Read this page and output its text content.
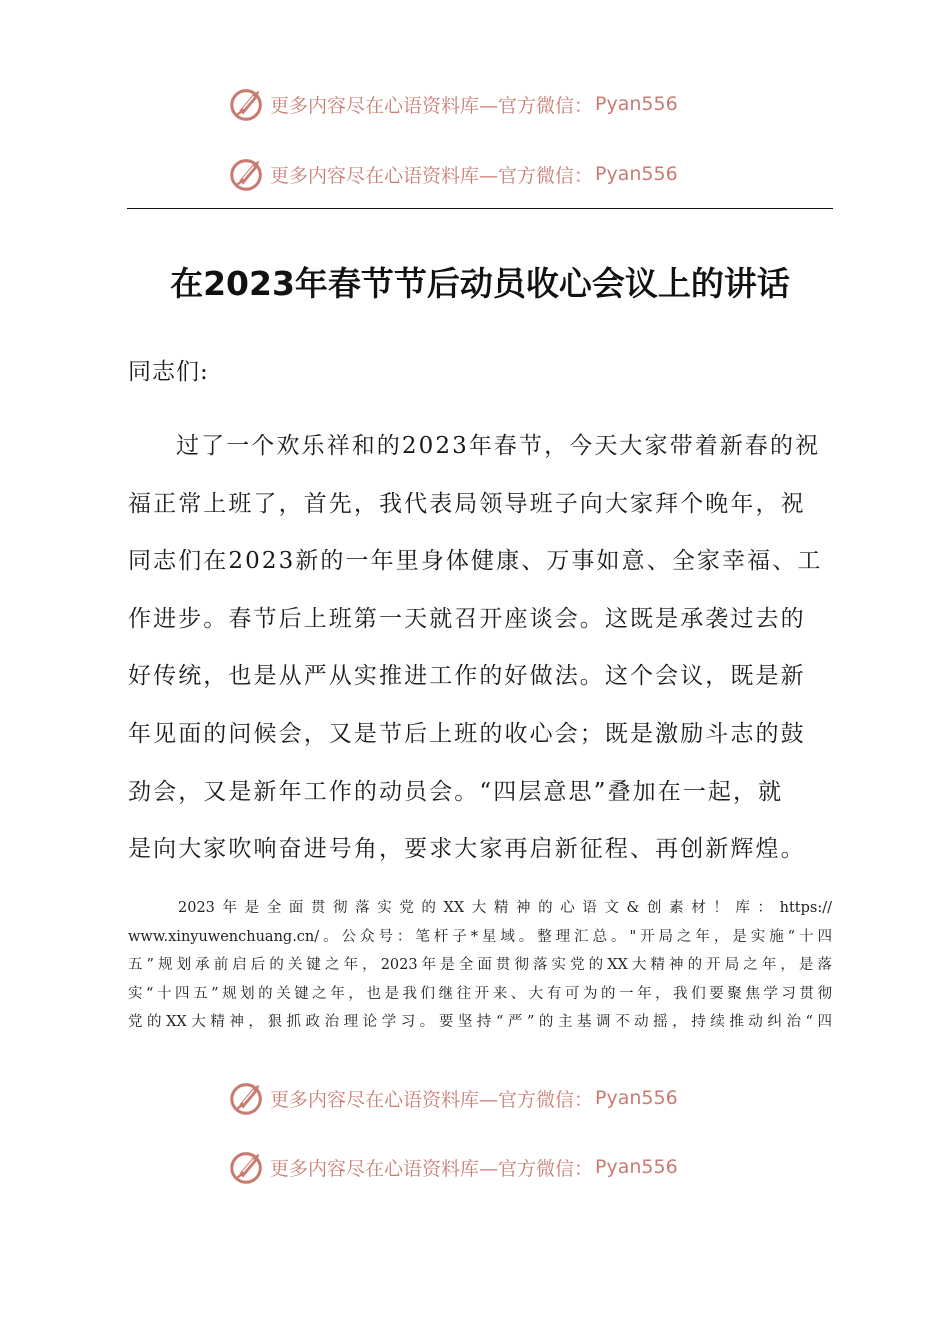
更多内容尽在心语资料库—官方微信： Pyan556
更多内容尽在心语资料库—官方微信： Pyan556
在2023年春节节后动员收心会议上的讲话
同志们:
过了一个欢乐祥和的2023年春节，今天大家带着新春的祝
福正常上班了，首先，我代表局领导班子向大家拜个晚年，祝
同志们在2023新的一年里身体健康、万事如意、全家幸福、工
作进步。春节后上班第一天就召开座谈会。这既是承袭过去的
好传统，也是从严从实推进工作的好做法。这个会议，既是新
年见面的问候会，又是节后上班的收心会；既是激励斗志的鼓
劲会，又是新年工作的动员会。“四层意思”叠加在一起，就
是向大家吹响奋进号角，要求大家再启新征程、再创新辉煌。
2023年是全面贯彻落实党的XX大精神的心语文&创素材！库：https://
www.xinyuwenchuang.cn/。公众号：笔杆子*星域。整理汇总。"开局之年，是实施“十四
五”规划承前启后的关键之年，2023年是全面贯彻落实党的XX大精神的开局之年，是落
实“十四五”规划的关键之年，也是我们继往开来、大有可为的一年，我们要聚焦学习贯彻
党的XX大精神，狠抓政治理论学习。要坚持“严”的主基调不动摇，持续推动纠治“四
更多内容尽在心语资料库—官方微信： Pyan556
更多内容尽在心语资料库—官方微信： Pyan556
